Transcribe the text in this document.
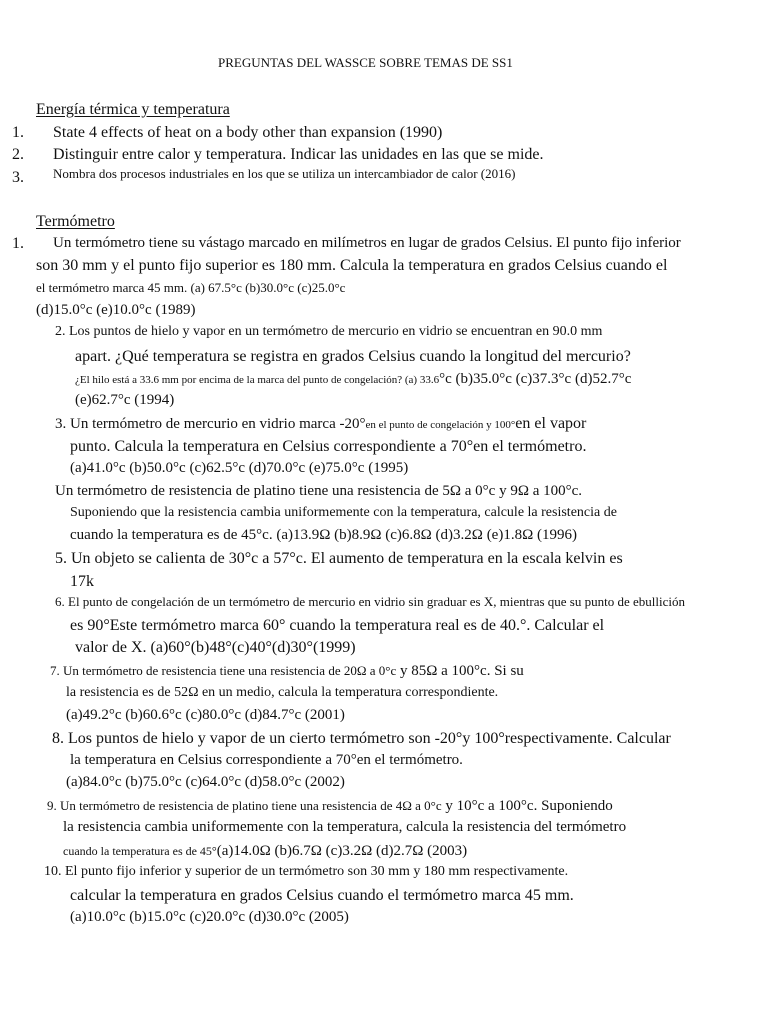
PREGUNTAS DEL WASSCE SOBRE TEMAS DE SS1
Energía térmica y temperatura
1. State 4 effects of heat on a body other than expansion (1990)
2. Distinguir entre calor y temperatura. Indicar las unidades en las que se mide.
3. Nombra dos procesos industriales en los que se utiliza un intercambiador de calor (2016)
Termómetro
1. Un termómetro tiene su vástago marcado en milímetros en lugar de grados Celsius. El punto fijo inferior
son 30 mm y el punto fijo superior es 180 mm. Calcula la temperatura en grados Celsius cuando el
el termómetro marca 45 mm. (a) 67.5°c (b)30.0°c (c)25.0°c
(d)15.0°c (e)10.0°c (1989)
2. Los puntos de hielo y vapor en un termómetro de mercurio en vidrio se encuentran en 90.0 mm
apart. ¿Qué temperatura se registra en grados Celsius cuando la longitud del mercurio?
¿El hilo está a 33.6 mm por encima de la marca del punto de congelación? (a) 33.6°c (b)35.0°c (c)37.3°c (d)52.7°c
(e)62.7°c (1994)
3. Un termómetro de mercurio en vidrio marca -20°en el punto de congelación y 100°en el vapor
punto. Calcula la temperatura en Celsius correspondiente a 70°en el termómetro.
(a)41.0°c (b)50.0°c (c)62.5°c (d)70.0°c (e)75.0°c (1995)
Un termómetro de resistencia de platino tiene una resistencia de 5Ω a 0°c y 9Ω a 100°c.
Suponiendo que la resistencia cambia uniformemente con la temperatura, calcule la resistencia de
cuando la temperatura es de 45°c. (a)13.9Ω (b)8.9Ω (c)6.8Ω (d)3.2Ω (e)1.8Ω (1996)
5. Un objeto se calienta de 30°c a 57°c. El aumento de temperatura en la escala kelvin es
17k
6. El punto de congelación de un termómetro de mercurio en vidrio sin graduar es X, mientras que su punto de ebullición
es 90°Este termómetro marca 60° cuando la temperatura real es de 40.°. Calcular el
valor de X. (a)60°(b)48°(c)40°(d)30°(1999)
7. Un termómetro de resistencia tiene una resistencia de 20Ω a 0°c y 85Ω a 100°c. Si su
la resistencia es de 52Ω en un medio, calcula la temperatura correspondiente.
(a)49.2°c (b)60.6°c (c)80.0°c (d)84.7°c (2001)
8. Los puntos de hielo y vapor de un cierto termómetro son -20°y 100°respectivamente. Calcular
la temperatura en Celsius correspondiente a 70°en el termómetro.
(a)84.0°c (b)75.0°c (c)64.0°c (d)58.0°c (2002)
9. Un termómetro de resistencia de platino tiene una resistencia de 4Ω a 0°c y 10°c a 100°c. Suponiendo
la resistencia cambia uniformemente con la temperatura, calcula la resistencia del termómetro
cuando la temperatura es de 45°(a)14.0Ω (b)6.7Ω (c)3.2Ω (d)2.7Ω (2003)
10. El punto fijo inferior y superior de un termómetro son 30 mm y 180 mm respectivamente.
calcular la temperatura en grados Celsius cuando el termómetro marca 45 mm.
(a)10.0°c (b)15.0°c (c)20.0°c (d)30.0°c (2005)
